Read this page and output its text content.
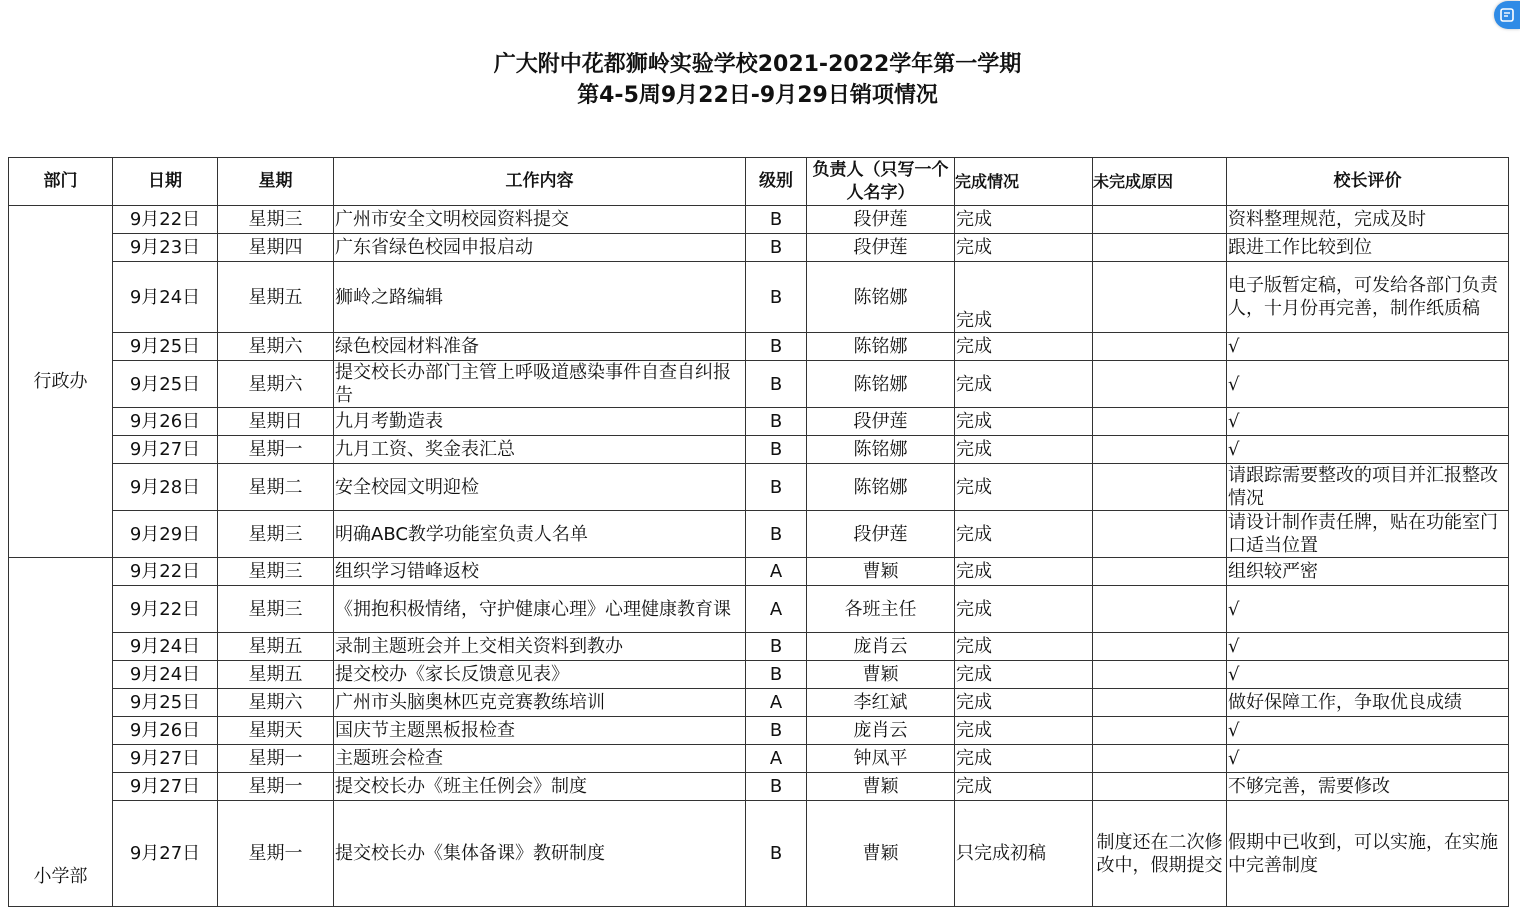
广大附中花都狮岭实验学校2021-2022学年第一学期
第4-5周9月22日-9月29日销项情况
部门	日期	星期	工作内容	级别	负责人（只写一个人名字）	完成情况	未完成原因	校长评价
行政办	9月22日	星期三	广州市安全文明校园资料提交	B	段伊莲	完成		资料整理规范，完成及时
	9月23日	星期四	广东省绿色校园申报启动	B	段伊莲	完成		跟进工作比较到位
	9月24日	星期五	狮岭之路编辑	B	陈铭娜	完成		电子版暂定稿，可发给各部门负责人，十月份再完善，制作纸质稿
	9月25日	星期六	绿色校园材料准备	B	陈铭娜	完成		√
	9月25日	星期六	提交校长办部门主管上呼吸道感染事件自查自纠报告	B	陈铭娜	完成		√
	9月26日	星期日	九月考勤造表	B	段伊莲	完成		√
	9月27日	星期一	九月工资、奖金表汇总	B	陈铭娜	完成		√
	9月28日	星期二	安全校园文明迎检	B	陈铭娜	完成		请跟踪需要整改的项目并汇报整改情况
	9月29日	星期三	明确ABC教学功能室负责人名单	B	段伊莲	完成		请设计制作责任牌，贴在功能室门口适当位置
小学部	9月22日	星期三	组织学习错峰返校	A	曹颖	完成		组织较严密
	9月22日	星期三	《拥抱积极情绪，守护健康心理》心理健康教育课	A	各班主任	完成		√
	9月24日	星期五	录制主题班会并上交相关资料到教办	B	庞肖云	完成		√
	9月24日	星期五	提交校办《家长反馈意见表》	B	曹颖	完成		√
	9月25日	星期六	广州市头脑奥林匹克竞赛教练培训	A	李红斌	完成		做好保障工作，争取优良成绩
	9月26日	星期天	国庆节主题黑板报检查	B	庞肖云	完成		√
	9月27日	星期一	主题班会检查	A	钟凤平	完成		√
	9月27日	星期一	提交校长办《班主任例会》制度	B	曹颖	完成		不够完善，需要修改
	9月27日	星期一	提交校长办《集体备课》教研制度	B	曹颖	只完成初稿	制度还在二次修改中，假期提交	假期中已收到，可以实施，在实施中完善制度
